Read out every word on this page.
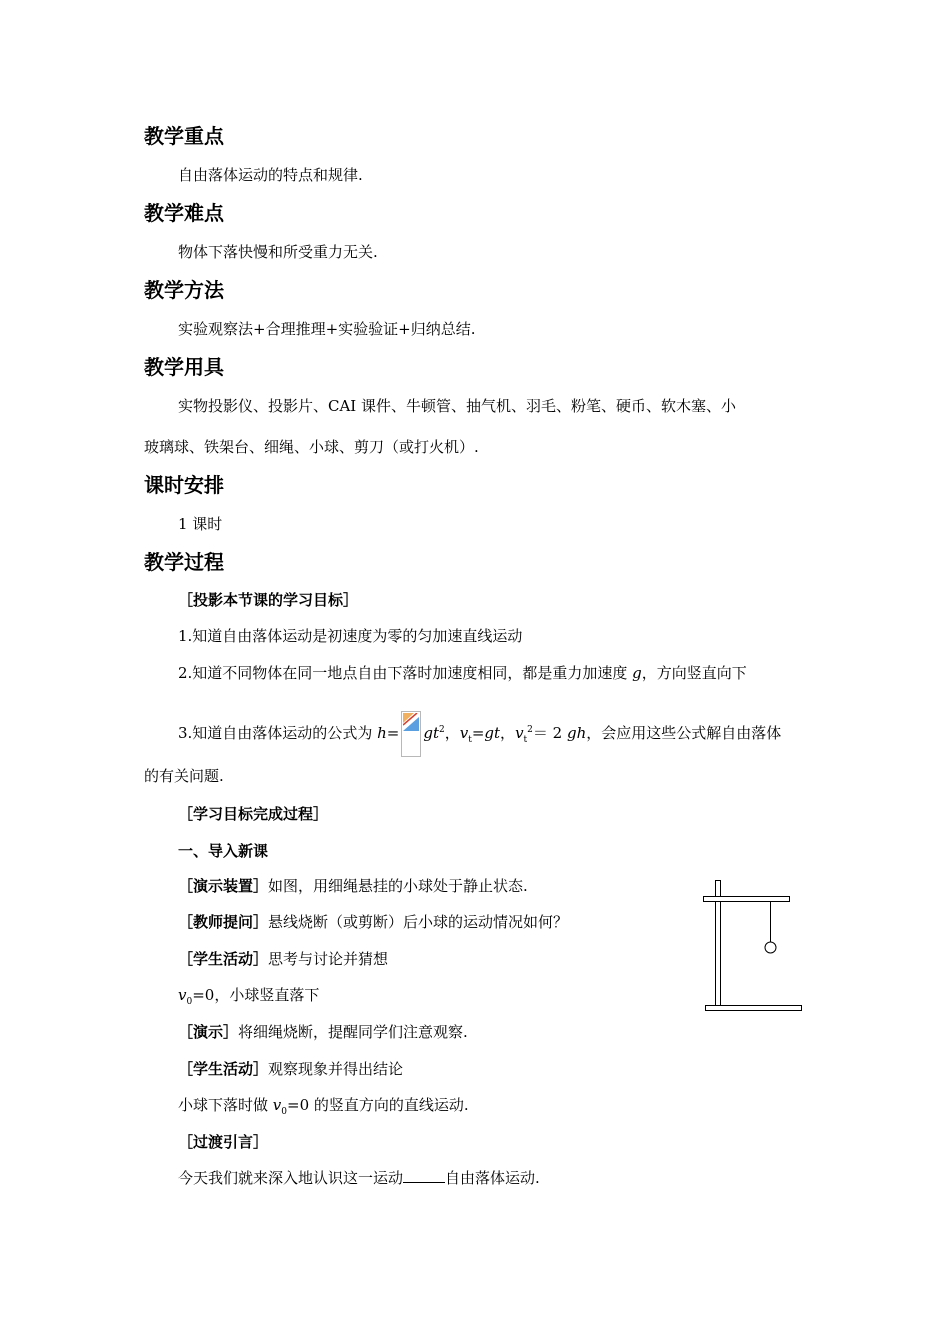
教学重点

自由落体运动的特点和规律.

教学难点

物体下落快慢和所受重力无关.

教学方法

实验观察法+合理推理+实验验证+归纳总结.

教学用具

实物投影仪、投影片、CAI 课件、牛顿管、抽气机、羽毛、粉笔、硬币、软木塞、小

玻璃球、铁架台、细绳、小球、剪刀（或打火机）.

课时安排

1 课时

教学过程

［投影本节课的学习目标］

1.知道自由落体运动是初速度为零的匀加速直线运动

2.知道不同物体在同一地点自由下落时加速度相同，都是重力加速度 g，方向竖直向下

3.知道自由落体运动的公式为 $h= gt^2$，$v_t=gt$，$v_t^2= 2$ gh，会应用这些公式解自由落体

的有关问题.

［学习目标完成过程］

一、导入新课

［演示装置］如图，用细绳悬挂的小球处于静止状态.

［教师提问］悬线烧断（或剪断）后小球的运动情况如何？

［学生活动］思考与讨论并猜想

$v_0=0$，小球竖直落下

［演示］将细绳烧断，提醒同学们注意观察.

［学生活动］观察现象并得出结论

小球下落时做 $v_0=0$ 的竖直方向的直线运动.

［过渡引言］

今天我们就来深入地认识这一运动	自由落体运动.
